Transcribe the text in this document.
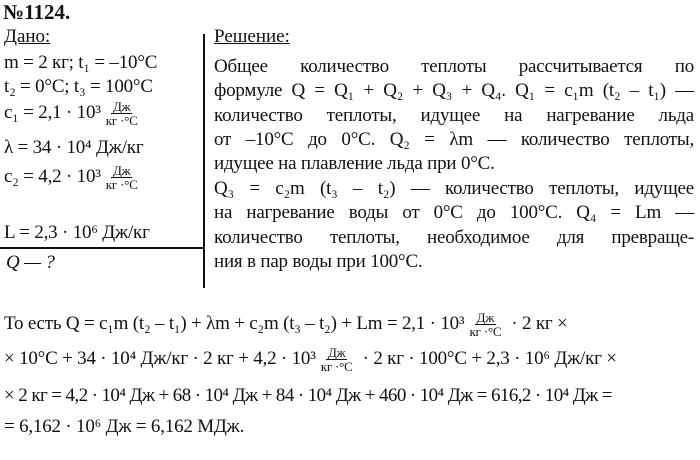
№1124.
Дано:
m = 2 кг; t₁ = –10°C
t₂ = 0°C; t₃ = 100°C
$c_1 = 2,1 \cdot 10^3 \frac{Дж}{кг \cdot^\circ C}$
λ = 34 · 10⁴ Дж/кг
$c_2 = 4,2 \cdot 10^3 \frac{Дж}{кг \cdot^\circ C}$
L = 2,3 · 10⁶ Дж/кг
Q — ?
Решение:
Общее количество теплоты рассчитывается по
формуле Q = Q₁ + Q₂ + Q₃ + Q₄. Q₁ = c₁m (t₂ – t₁) —
количество теплоты, идущее на нагревание льда
от –10°C до 0°C. Q₂ = λm — количество теплоты,
идущее на плавление льда при 0°C.
Q₃ = c₂m (t₃ – t₂) — количество теплоты, идущее
на нагревание воды от 0°C до 100°C. Q₄ = Lm —
количество теплоты, необходимое для превраще-
ния в пар воды при 100°C.
То есть Q = c₁m (t₂ – t₁) + λm + c₂m $(t_3 - t_2) + Lm = 2,1 \cdot 10^3 \frac{Дж}{кг \cdot^\circ C} \cdot 2$ кг ×
× 10°C + 34 · 10⁴ Дж/кг · 2 кг + $4,2 \cdot 10^3 \frac{Дж}{кг \cdot^\circ C} \cdot 2$ кг · 100°C + 2,3 · 10⁶ Дж/кг ×
× 2 кг = 4,2 · 10⁴ Дж + 68 · 10⁴ Дж + 84 · 10⁴ Дж + 460 · 10⁴ Дж = 616,2 · 10⁴ Дж =
= 6,162 · 10⁶ Дж = 6,162 МДж.
